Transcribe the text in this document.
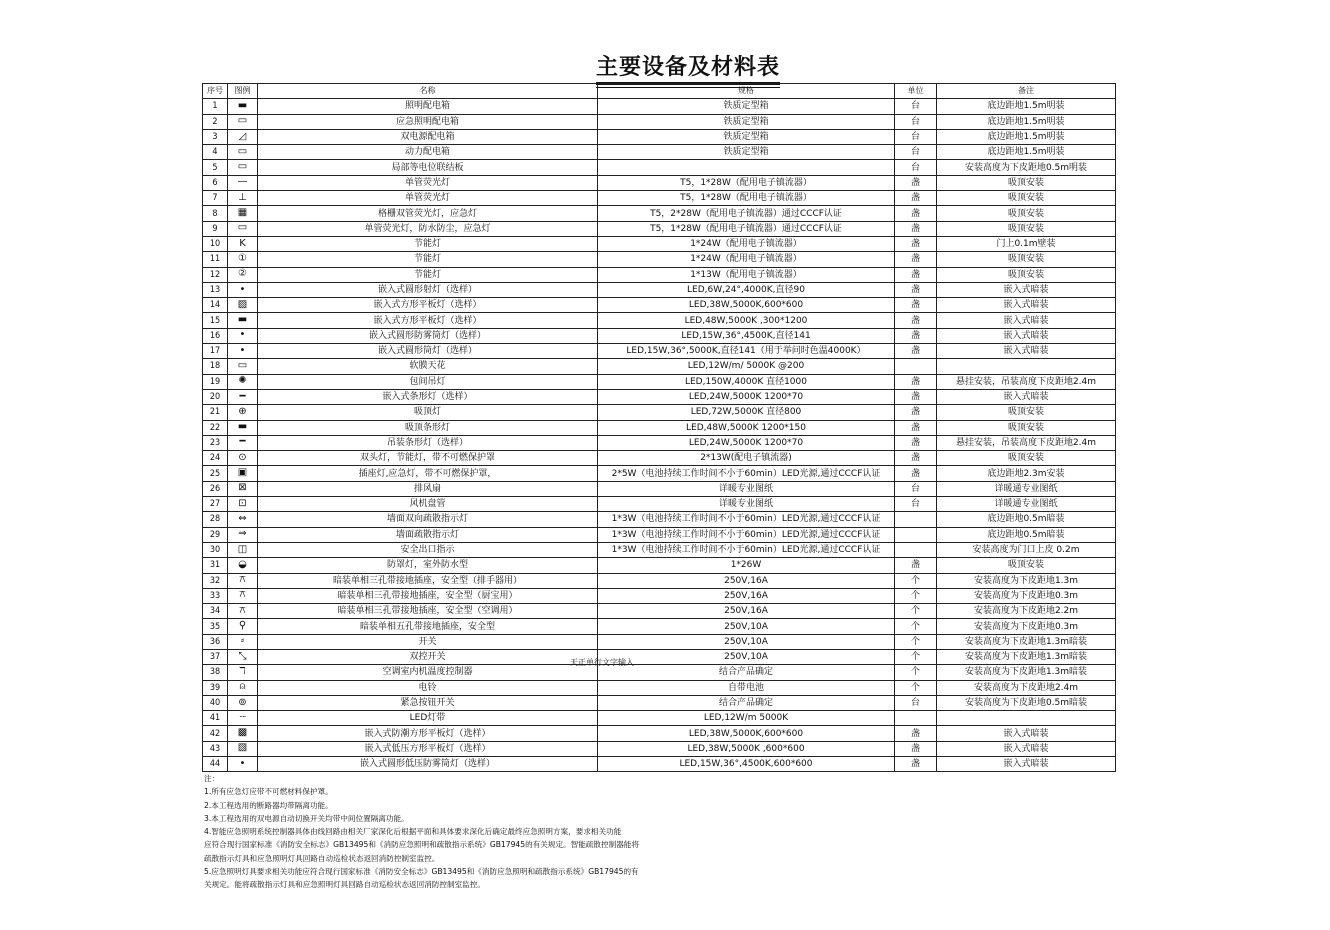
主要设备及材料表
序号	图例	名称	规格	单位	备注
1	▬	照明配电箱	铁质定型箱	台	底边距地1.5m明装
2	▭	应急照明配电箱	铁质定型箱	台	底边距地1.5m明装
3	◿	双电源配电箱	铁质定型箱	台	底边距地1.5m明装
4	▭	动力配电箱	铁质定型箱	台	底边距地1.5m明装
5	▭	局部等电位联结板		台	安装高度为下皮距地0.5m明装
6	—	单管荧光灯	T5，1*28W（配用电子镇流器）	盏	吸顶安装
7	⊥	单管荧光灯	T5，1*28W（配用电子镇流器）	盏	吸顶安装
8	▦	格栅双管荧光灯，应急灯	T5，2*28W（配用电子镇流器）通过CCCF认证	盏	吸顶安装
9	▭	单管荧光灯，防水防尘，应急灯	T5，1*28W（配用电子镇流器）通过CCCF认证	盏	吸顶安装
10	K	节能灯	1*24W（配用电子镇流器）	盏	门上0.1m壁装
11	①	节能灯	1*24W（配用电子镇流器）	盏	吸顶安装
12	②	节能灯	1*13W（配用电子镇流器）	盏	吸顶安装
13	•	嵌入式圆形射灯（选样）	LED,6W,24°,4000K,直径90	盏	嵌入式暗装
14	▨	嵌入式方形平板灯（选样）	LED,38W,5000K,600*600	盏	嵌入式暗装
15	▬	嵌入式方形平板灯（选样）	LED,48W,5000K ,300*1200	盏	嵌入式暗装
16	•	嵌入式圆形防雾筒灯（选样）	LED,15W,36°,4500K,直径141	盏	嵌入式暗装
17	•	嵌入式圆形筒灯（选样）	LED,15W,36°,5000K,直径141（用于举问时色温4000K）	盏	嵌入式暗装
18	▭	软膜天花	LED,12W/m/ 5000K @200		
19	✺	包间吊灯	LED,150W,4000K 直径1000	盏	悬挂安装，吊装高度下皮距地2.4m
20	━	嵌入式条形灯（选样）	LED,24W,5000K 1200*70	盏	嵌入式暗装
21	⊕	吸顶灯	LED,72W,5000K 直径800	盏	吸顶安装
22	▬	吸顶条形灯	LED,48W,5000K 1200*150	盏	吸顶安装
23	━	吊装条形灯（选样）	LED,24W,5000K 1200*70	盏	悬挂安装，吊装高度下皮距地2.4m
24	⊙	双头灯，节能灯，带不可燃保护罩	2*13W(配电子镇流器)	盏	吸顶安装
25	▣	插座灯,应急灯，带不可燃保护罩，	2*5W（电池持续工作时间不小于60min）LED光源,通过CCCF认证	盏	底边距地2.3m安装
26	⊠	排风扇	详暖专业图纸	台	详暖通专业图纸
27	⊡	风机盘管	详暖专业图纸	台	详暖通专业图纸
28	⇔	墙面双向疏散指示灯	1*3W（电池持续工作时间不小于60min）LED光源,通过CCCF认证		底边距地0.5m暗装
29	⇒	墙面疏散指示灯	1*3W（电池持续工作时间不小于60min）LED光源,通过CCCF认证		底边距地0.5m暗装
30	◫	安全出口指示	1*3W（电池持续工作时间不小于60min）LED光源,通过CCCF认证		安装高度为门口上皮 0.2m
31	◒	防罩灯，室外防水型	1*26W	盏	吸顶安装
32	⚻	暗装单相三孔带接地插座，安全型（排手器用）	250V,16A	个	安装高度为下皮距地1.3m
33	⚻	暗装单相三孔带接地插座，安全型（厨宝用）	250V,16A	个	安装高度为下皮距地0.3m
34	⚻	暗装单相三孔带接地插座，安全型（空调用）	250V,16A	个	安装高度为下皮距地2.2m
35	⚲	暗装单相五孔带接地插座，安全型	250V,10A	个	安装高度为下皮距地0.3m
36	⸗	开关	250V,10A	个	安装高度为下皮距地1.3m暗装
37	⤡	双控开关	250V,10A	个	安装高度为下皮距地1.3m暗装
38	ℸ	空调室内机温度控制器	结合产品确定	个	安装高度为下皮距地1.3m暗装
39	⍝	电铃	自带电池	个	安装高度为下皮距地2.4m
40	⊚	紧急按钮开关	结合产品确定	台	安装高度为下皮距地0.5m暗装
41	┈	LED灯带	LED,12W/m 5000K		
42	▩	嵌入式防潮方形平板灯（选样）	LED,38W,5000K,600*600	盏	嵌入式暗装
43	▧	嵌入式低压方形平板灯（选样）	LED,38W,5000K ,600*600	盏	嵌入式暗装
44	•	嵌入式圆形低压防雾筒灯（选样）	LED,15W,36°,4500K,600*600	盏	嵌入式暗装
天正单行文字输入
注：
1.所有应急灯应带不可燃材料保护罩。
2.本工程选用的断路器均带隔离功能。
3.本工程选用的双电源自动切换开关均带中间位置隔离功能。
4.智能应急照明系统控制器具体由线回路由相关厂家深化后根据平面和具体要求深化后确定最终应急照明方案，要求相关功能
应符合现行国家标准《消防安全标志》GB13495和《消防应急照明和疏散指示系统》GB17945的有关规定。智能疏散控制器能将
疏散指示灯具和应急照明灯具回路自动巡检状态返回消防控制室监控。
5.应急照明灯具要求相关功能应符合现行国家标准《消防安全标志》GB13495和《消防应急照明和疏散指示系统》GB17945的有
关规定。能将疏散指示灯具和应急照明灯具回路自动巡检状态返回消防控制室监控。
